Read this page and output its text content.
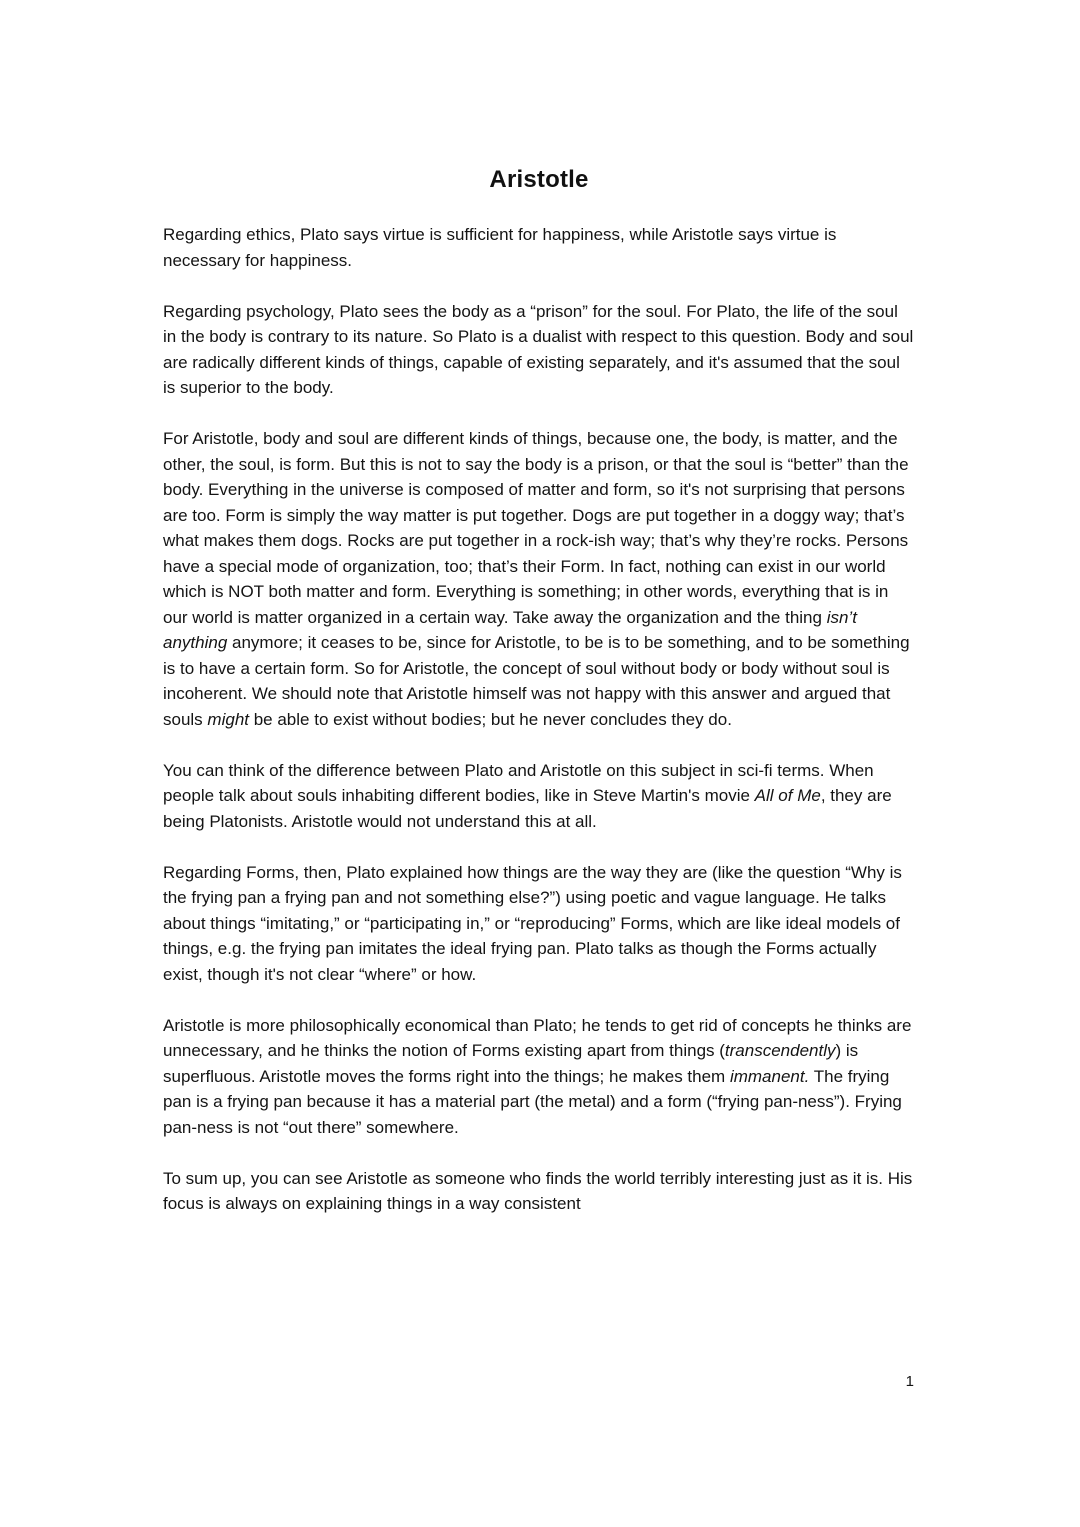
Aristotle

Regarding ethics, Plato says virtue is sufficient for happiness, while Aristotle says virtue is necessary for happiness.

Regarding psychology, Plato sees the body as a “prison” for the soul. For Plato, the life of the soul in the body is contrary to its nature. So Plato is a dualist with respect to this question. Body and soul are radically different kinds of things, capable of existing separately, and it's assumed that the soul is superior to the body.

For Aristotle, body and soul are different kinds of things, because one, the body, is matter, and the other, the soul, is form. But this is not to say the body is a prison, or that the soul is “better” than the body. Everything in the universe is composed of matter and form, so it's not surprising that persons are too. Form is simply the way matter is put together. Dogs are put together in a doggy way; that’s what makes them dogs. Rocks are put together in a rock-ish way; that’s why they’re rocks. Persons have a special mode of organization, too; that’s their Form. In fact, nothing can exist in our world which is NOT both matter and form. Everything is something; in other words, everything that is in our world is matter organized in a certain way. Take away the organization and the thing isn’t anything anymore; it ceases to be, since for Aristotle, to be is to be something, and to be something is to have a certain form. So for Aristotle, the concept of soul without body or body without soul is incoherent. We should note that Aristotle himself was not happy with this answer and argued that souls might be able to exist without bodies; but he never concludes they do.

You can think of the difference between Plato and Aristotle on this subject in sci-fi terms. When people talk about souls inhabiting different bodies, like in Steve Martin's movie All of Me, they are being Platonists. Aristotle would not understand this at all.

Regarding Forms, then, Plato explained how things are the way they are (like the question “Why is the frying pan a frying pan and not something else?”) using poetic and vague language. He talks about things “imitating,” or “participating in,” or “reproducing” Forms, which are like ideal models of things, e.g. the frying pan imitates the ideal frying pan. Plato talks as though the Forms actually exist, though it's not clear “where” or how.

Aristotle is more philosophically economical than Plato; he tends to get rid of concepts he thinks are unnecessary, and he thinks the notion of Forms existing apart from things (transcendently) is superfluous. Aristotle moves the forms right into the things; he makes them immanent. The frying pan is a frying pan because it has a material part (the metal) and a form (“frying pan-ness”). Frying pan-ness is not “out there” somewhere.

To sum up, you can see Aristotle as someone who finds the world terribly interesting just as it is. His focus is always on explaining things in a way consistent

1
